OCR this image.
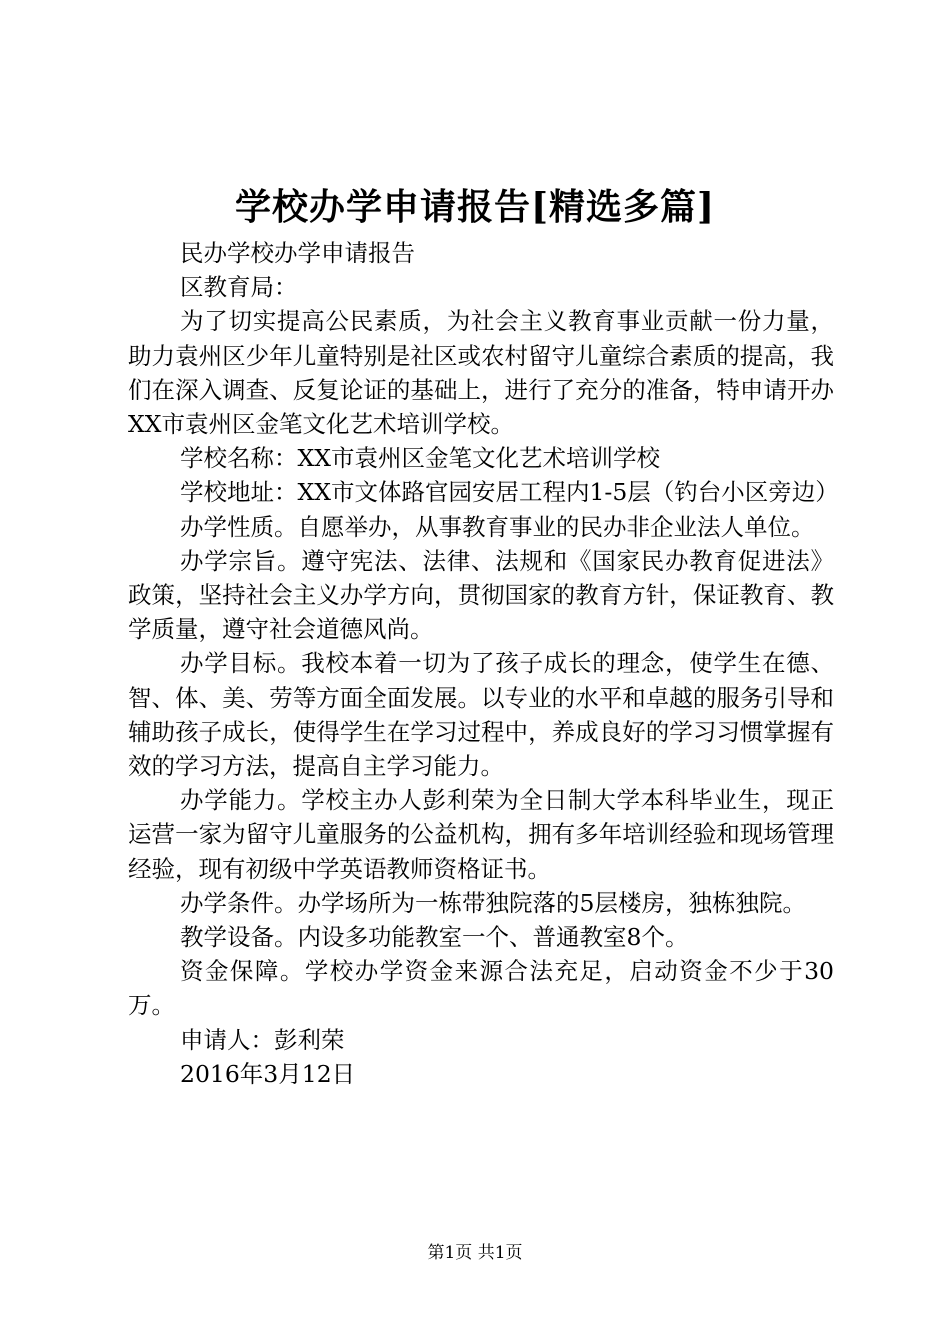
学校办学申请报告[精选多篇]

民办学校办学申请报告

区教育局：

为了切实提高公民素质，为社会主义教育事业贡献一份力量，助力袁州区少年儿童特别是社区或农村留守儿童综合素质的提高，我们在深入调查、反复论证的基础上，进行了充分的准备，特申请开办XX市袁州区金笔文化艺术培训学校。

学校名称：XX市袁州区金笔文化艺术培训学校

学校地址：XX市文体路官园安居工程内1-5层（钓台小区旁边）

办学性质。自愿举办，从事教育事业的民办非企业法人单位。

办学宗旨。遵守宪法、法律、法规和《国家民办教育促进法》政策，坚持社会主义办学方向，贯彻国家的教育方针，保证教育、教学质量，遵守社会道德风尚。

办学目标。我校本着一切为了孩子成长的理念，使学生在德、智、体、美、劳等方面全面发展。以专业的水平和卓越的服务引导和辅助孩子成长，使得学生在学习过程中，养成良好的学习习惯掌握有效的学习方法，提高自主学习能力。

办学能力。学校主办人彭利荣为全日制大学本科毕业生，现正运营一家为留守儿童服务的公益机构，拥有多年培训经验和现场管理经验，现有初级中学英语教师资格证书。

办学条件。办学场所为一栋带独院落的5层楼房，独栋独院。

教学设备。内设多功能教室一个、普通教室8个。

资金保障。学校办学资金来源合法充足，启动资金不少于30万。

申请人：彭利荣

2016年3月12日

第1页 共1页
